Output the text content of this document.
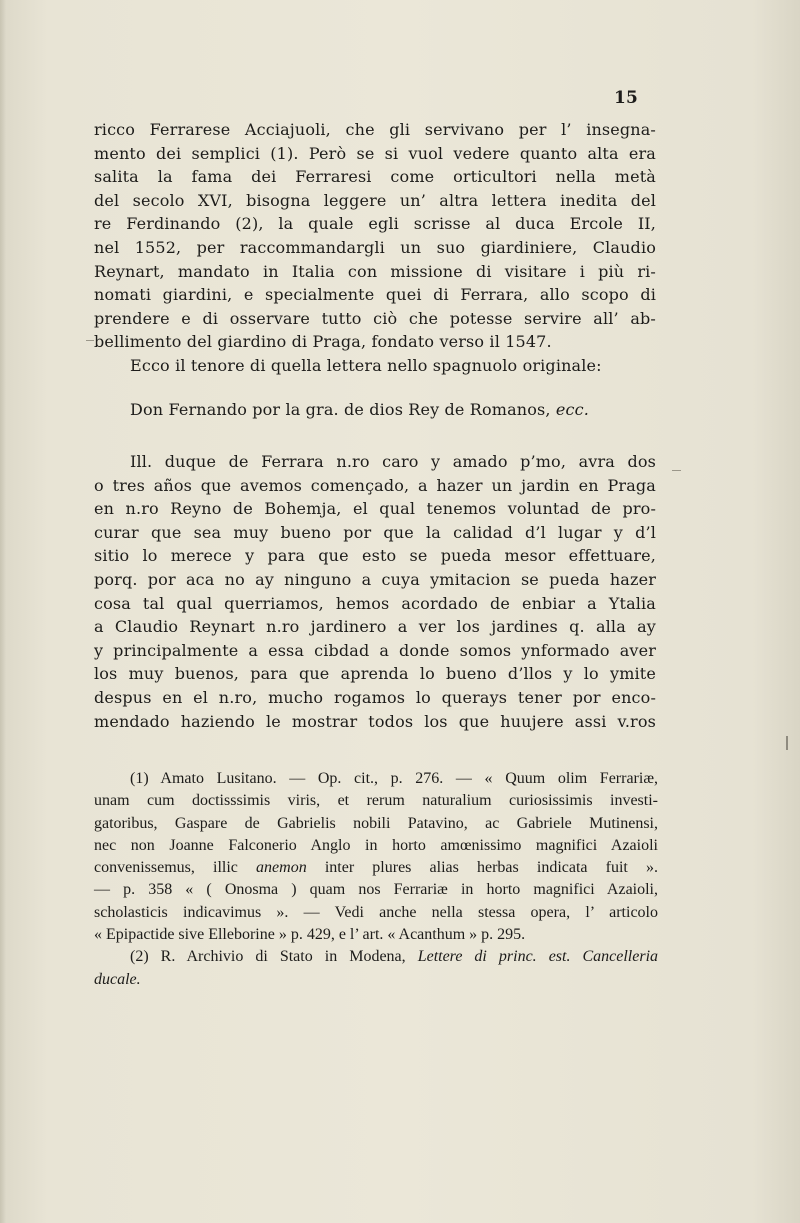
15
ricco Ferrarese Acciajuoli, che gli servivano per l’ insegna-
mento dei semplici (1). Però se si vuol vedere quanto alta era
salita la fama dei Ferraresi come orticultori nella metà
del secolo XVI, bisogna leggere un’ altra lettera inedita del
re Ferdinando (2), la quale egli scrisse al duca Ercole II,
nel 1552, per raccommandargli un suo giardiniere, Claudio
Reynart, mandato in Italia con missione di visitare i più ri-
nomati giardini, e specialmente quei di Ferrara, allo scopo di
prendere e di osservare tutto ciò che potesse servire all’ ab-
bellimento del giardino di Praga, fondato verso il 1547.
Ecco il tenore di quella lettera nello spagnuolo originale:
Don Fernando por la gra. de dios Rey de Romanos, ecc.
Ill. duque de Ferrara n.ro caro y amado p’mo, avra dos
o tres años que avemos començado, a hazer un jardin en Praga
en n.ro Reyno de Bohemja, el qual tenemos voluntad de pro-
curar que sea muy bueno por que la calidad d’l lugar y d’l
sitio lo merece y para que esto se pueda mesor effettuare,
porq. por aca no ay ninguno a cuya ymitacion se pueda hazer
cosa tal qual querriamos, hemos acordado de enbiar a Ytalia
a Claudio Reynart n.ro jardinero a ver los jardines q. alla ay
y principalmente a essa cibdad a donde somos ynformado aver
los muy buenos, para que aprenda lo bueno d’llos y lo ymite
despus en el n.ro, mucho rogamos lo querays tener por enco-
mendado haziendo le mostrar todos los que huujere assi v.ros
(1) Amato Lusitano. — Op. cit., p. 276. — « Quum olim Ferrariæ,
unam cum doctisssimis viris, et rerum naturalium curiosissimis investi-
gatoribus, Gaspare de Gabrielis nobili Patavino, ac Gabriele Mutinensi,
nec non Joanne Falconerio Anglo in horto amœnissimo magnifici Azaioli
convenissemus, illic anemon inter plures alias herbas indicata fuit ».
— p. 358 « ( Onosma ) quam nos Ferrariæ in horto magnifici Azaioli,
scholasticis indicavimus ». — Vedi anche nella stessa opera, l’ articolo
« Epipactide sive Elleborine » p. 429, e l’ art. « Acanthum » p. 295.
(2) R. Archivio di Stato in Modena, Lettere di princ. est. Cancelleria
ducale.
